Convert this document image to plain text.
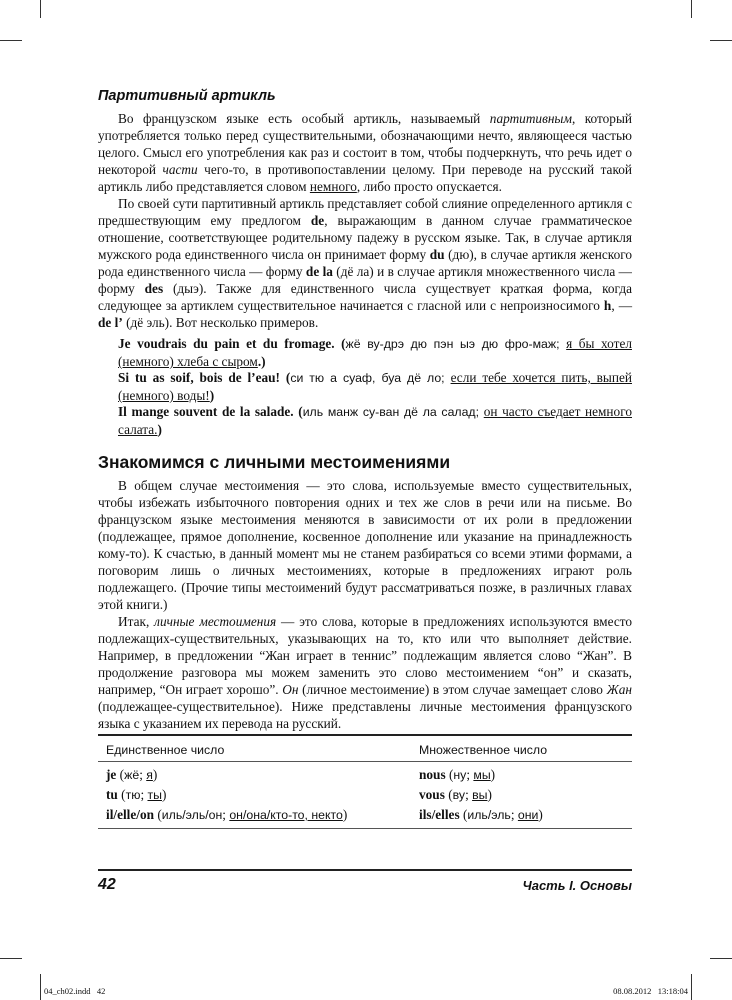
Партитивный артикль

Во французском языке есть особый артикль, называемый партитивным, который употребляется только перед существительными, обозначающими нечто, являющееся частью целого. Смысл его употребления как раз и состоит в том, чтобы подчеркнуть, что речь идет о некоторой части чего-то, в противопоставлении целому. При переводе на русский такой артикль либо представляется словом немного, либо просто опускается.

По своей сути партитивный артикль представляет собой слияние определенного артикля с предшествующим ему предлогом de, выражающим в данном случае грамматическое отношение, соответствующее родительному падежу в русском языке. Так, в случае артикля мужского рода единственного числа он принимает форму du (дю), в случае артикля женского рода единственного числа — форму de la (дё ла) и в случае артикля множественного числа — форму des (дыэ). Также для единственного числа существует краткая форма, когда следующее за артиклем существительное начинается с гласной или с непроизносимого h, — de l’ (дё эль). Вот несколько примеров.

Je voudrais du pain et du fromage. (жё ву-дрэ дю пэн ыэ дю фро-маж; я бы хотел (немного) хлеба с сыром.)

Si tu as soif, bois de l’eau! (си тю а суаф, буа дё ло; если тебе хочется пить, выпей (немного) воды!)

Il mange souvent de la salade. (иль манж су-ван дё ла салад; он часто съедает немного салата.)

Знакомимся с личными местоимениями

В общем случае местоимения — это слова, используемые вместо существительных, чтобы избежать избыточного повторения одних и тех же слов в речи или на письме. Во французском языке местоимения меняются в зависимости от их роли в предложении (подлежащее, прямое дополнение, косвенное дополнение или указание на принадлежность кому-то). К счастью, в данный момент мы не станем разбираться со всеми этими формами, а поговорим лишь о личных местоимениях, которые в предложениях играют роль подлежащего. (Прочие типы местоимений будут рассматриваться позже, в различных главах этой книги.)

Итак, личные местоимения — это слова, которые в предложениях используются вместо подлежащих-существительных, указывающих на то, кто или что выполняет действие. Например, в предложении “Жан играет в теннис” подлежащим является слово “Жан”. В продолжение разговора мы можем заменить это слово местоимением “он” и сказать, например, “Он играет хорошо”. Он (личное местоимение) в этом случае замещает слово Жан (подлежащее-существительное). Ниже представлены личные местоимения французского языка с указанием их перевода на русский.

Единственное число	Множественное число
je (жё; я)	nous (ну; мы)
tu (тю; ты)	vous (ву; вы)
il/elle/on (иль/эль/он; он/она/кто-то, некто)	ils/elles (иль/эль; они)
42	Часть I. Основы
04_ch02.indd   42	08.08.2012   13:18:04
